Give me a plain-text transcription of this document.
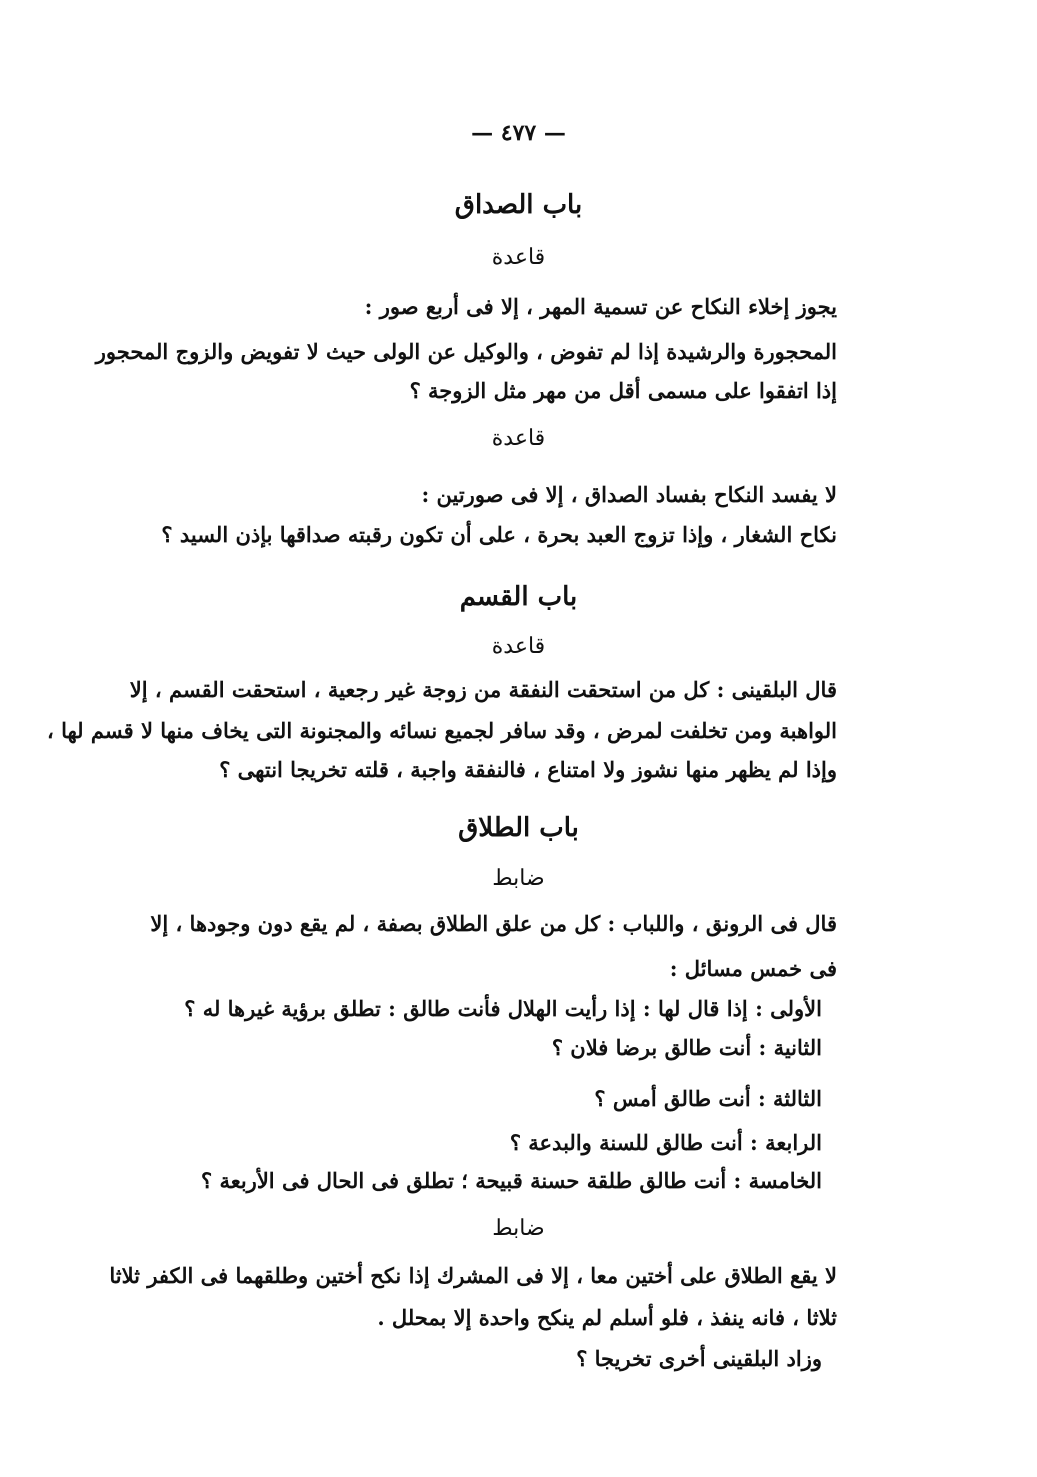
— ٤٧٧ —
باب الصداق
قاعدة
يجوز إخلاء النكاح عن تسمية المهر ، إلا فى أربع صور :
المحجورة والرشيدة إذا لم تفوض ، والوكيل عن الولى حيث لا تفويض والزوج المحجور
إذا اتفقوا على مسمى أقل من مهر مثل الزوجة ؟
قاعدة
لا يفسد النكاح بفساد الصداق ، إلا فى صورتين :
نكاح الشغار ، وإذا تزوج العبد بحرة ، على أن تكون رقبته صداقها بإذن السيد ؟
باب القسم
قاعدة
قال البلقينى : كل من استحقت النفقة من زوجة غير رجعية ، استحقت القسم ، إلا
الواهبة ومن تخلفت لمرض ، وقد سافر لجميع نسائه والمجنونة التى يخاف منها لا قسم لها ،
وإذا لم يظهر منها نشوز ولا امتناع ، فالنفقة واجبة ، قلته تخريجا انتهى ؟
باب الطلاق
ضابط
قال فى الرونق ، واللباب : كل من علق الطلاق بصفة ، لم يقع دون وجودها ، إلا
فى خمس مسائل :
الأولى : إذا قال لها : إذا رأيت الهلال فأنت طالق : تطلق برؤية غيرها له ؟
الثانية : أنت طالق برضا فلان ؟
الثالثة : أنت طالق أمس ؟
الرابعة : أنت طالق للسنة والبدعة ؟
الخامسة : أنت طالق طلقة حسنة قبيحة ؛ تطلق فى الحال فى الأربعة ؟
ضابط
لا يقع الطلاق على أختين معا ، إلا فى المشرك إذا نكح أختين وطلقهما فى الكفر ثلاثا
ثلاثا ، فانه ينفذ ، فلو أسلم لم ينكح واحدة إلا بمحلل .
وزاد البلقينى أخرى تخريجا ؟
